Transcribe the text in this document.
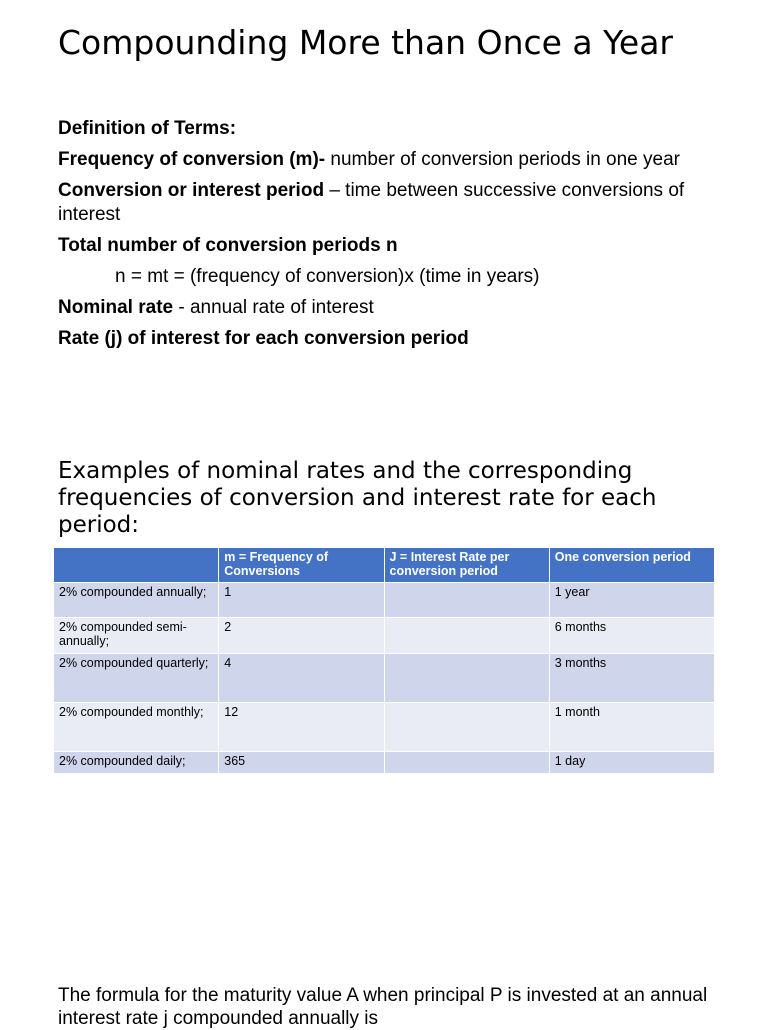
Compounding More than Once a Year

Definition of Terms:

Frequency of conversion (m)- number of conversion periods in one year

Conversion or interest period – time between successive conversions of interest

Total number of conversion periods n

n = mt = (frequency of conversion)x (time in years)

Nominal rate - annual rate of interest

Rate (j) of interest for each conversion period

Examples of nominal rates and the corresponding frequencies of conversion and interest rate for each period:
	m = Frequency of Conversions	J = Interest Rate per conversion period	One conversion period
2% compounded annually;	1		1 year
2% compounded semi-annually;	2		6 months
2% compounded quarterly;	4		3 months
2% compounded monthly;	12		1 month
2% compounded daily;	365		1 day

The formula for the maturity value A when principal P is invested at an annual interest rate j compounded annually is
